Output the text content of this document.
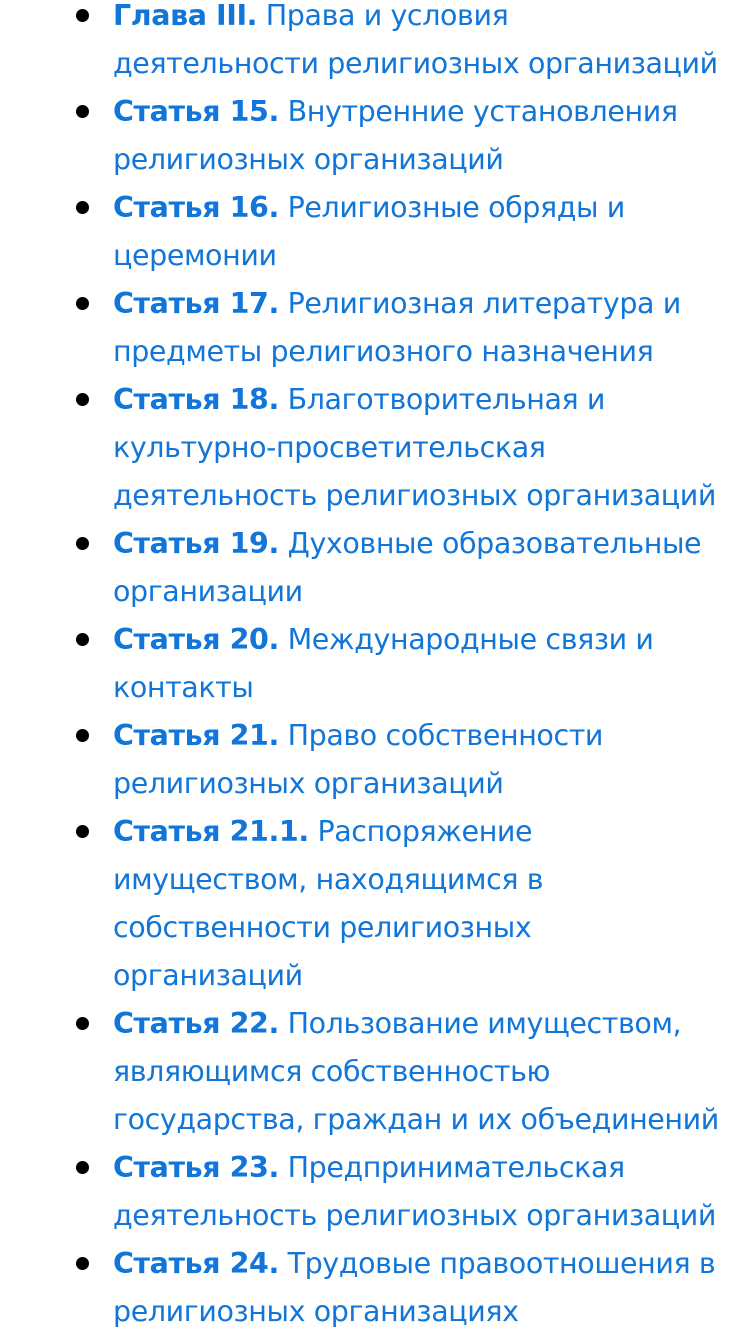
Глава III. Права и условия деятельности религиозных организаций
Статья 15. Внутренние установления религиозных организаций
Статья 16. Религиозные обряды и церемонии
Статья 17. Религиозная литература и предметы религиозного назначения
Статья 18. Благотворительная и культурно-просветительская деятельность религиозных организаций
Статья 19. Духовные образовательные организации
Статья 20. Международные связи и контакты
Статья 21. Право собственности религиозных организаций
Статья 21.1. Распоряжение имуществом, находящимся в собственности религиозных организаций
Статья 22. Пользование имуществом, являющимся собственностью государства, граждан и их объединений
Статья 23. Предпринимательская деятельность религиозных организаций
Статья 24. Трудовые правоотношения в религиозных организациях
